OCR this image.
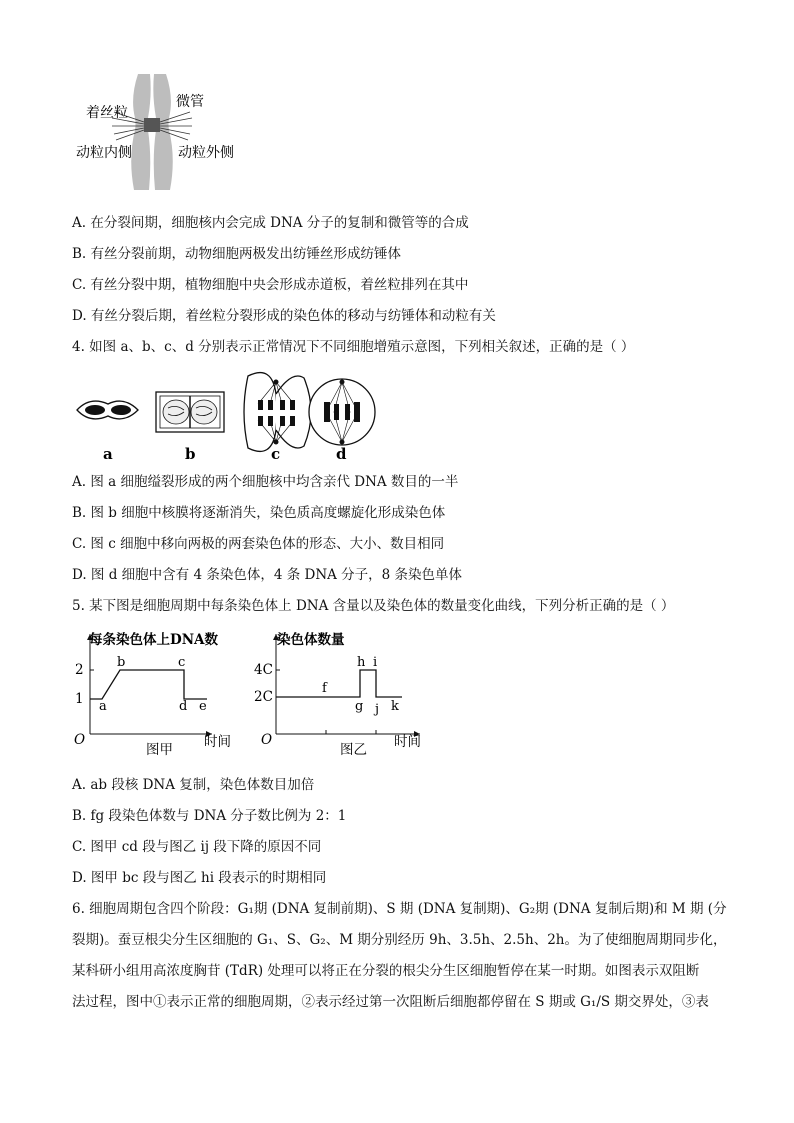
着丝粒
微管
动粒内侧	动粒外侧
A. 在分裂间期，细胞核内会完成 DNA 分子的复制和微管等的合成
B. 有丝分裂前期，动物细胞两极发出纺锤丝形成纺锤体
C. 有丝分裂中期，植物细胞中央会形成赤道板，着丝粒排列在其中
D. 有丝分裂后期，着丝粒分裂形成的染色体的移动与纺锤体和动粒有关
4. 如图 a、b、c、d 分别表示正常情况下不同细胞增殖示意图，下列相关叙述，正确的是（ ）
a	b	c	d
A. 图 a 细胞缢裂形成的两个细胞核中均含亲代 DNA 数目的一半
B. 图 b 细胞中核膜将逐渐消失，染色质高度螺旋化形成染色体
C. 图 c 细胞中移向两极的两套染色体的形态、大小、数目相同
D. 图 d 细胞中含有 4 条染色体，4 条 DNA 分子，8 条染色单体
5. 某下图是细胞周期中每条染色体上 DNA 含量以及染色体的数量变化曲线，下列分析正确的是（ ）
每条染色体上DNA数
2
1
O	时间
图甲
a
b	c
d e
染色体数量
4C
2C
O	时间
图乙
f
g
h i
j k
A. ab 段核 DNA 复制，染色体数目加倍
B. fg 段染色体数与 DNA 分子数比例为 2：1
C. 图甲 cd 段与图乙 ij 段下降的原因不同
D. 图甲 bc 段与图乙 hi 段表示的时期相同
6. 细胞周期包含四个阶段：G₁期 (DNA 复制前期)、S 期 (DNA 复制期)、G₂期 (DNA 复制后期)和 M 期 (分
裂期)。蚕豆根尖分生区细胞的 G₁、S、G₂、M 期分别经历 9h、3.5h、2.5h、2h。为了使细胞周期同步化，
某科研小组用高浓度胸苷 (TdR) 处理可以将正在分裂的根尖分生区细胞暂停在某一时期。如图表示双阻断
法过程，图中①表示正常的细胞周期，②表示经过第一次阻断后细胞都停留在 S 期或 G₁/S 期交界处，③表
